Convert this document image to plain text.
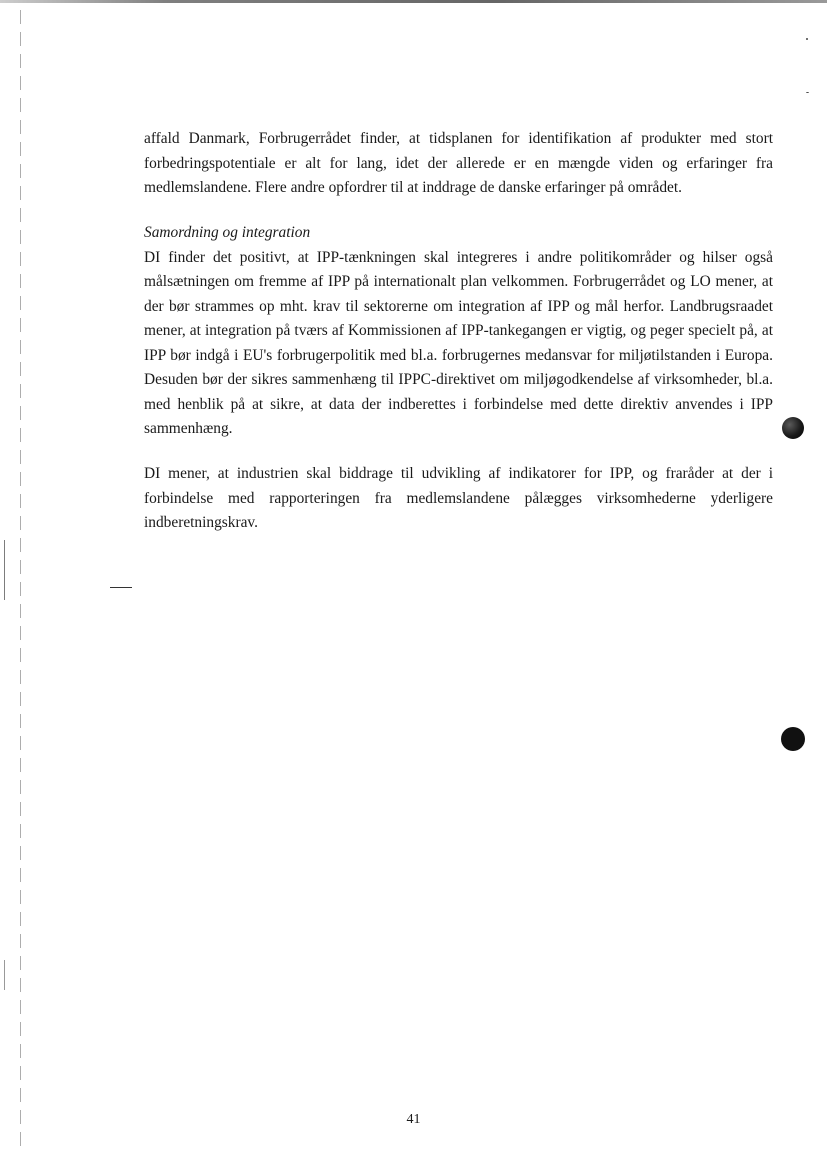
affald Danmark, Forbrugerrådet finder, at tidsplanen for identifikation af produkter med stort forbedringspotentiale er alt for lang, idet der allerede er en mængde viden og erfaringer fra medlemslandene. Flere andre opfordrer til at inddrage de danske erfaringer på området.

Samordning og integration

DI finder det positivt, at IPP-tænkningen skal integreres i andre politikområder og hilser også målsætningen om fremme af IPP på internationalt plan velkommen. Forbrugerrådet og LO mener, at der bør strammes op mht. krav til sektorerne om integration af IPP og mål herfor. Landbrugsraadet mener, at integration på tværs af Kommissionen af IPP-tankegangen er vigtig, og peger specielt på, at IPP bør indgå i EU's forbrugerpolitik med bl.a. forbrugernes medansvar for miljøtilstanden i Europa. Desuden bør der sikres sammenhæng til IPPC-direktivet om miljøgodkendelse af virksomheder, bl.a. med henblik på at sikre, at data der indberettes i forbindelse med dette direktiv anvendes i IPP sammenhæng.

DI mener, at industrien skal biddrage til udvikling af indikatorer for IPP, og fraråder at der i forbindelse med rapporteringen fra medlemslandene pålægges virksomhederne yderligere indberetningskrav.

41
